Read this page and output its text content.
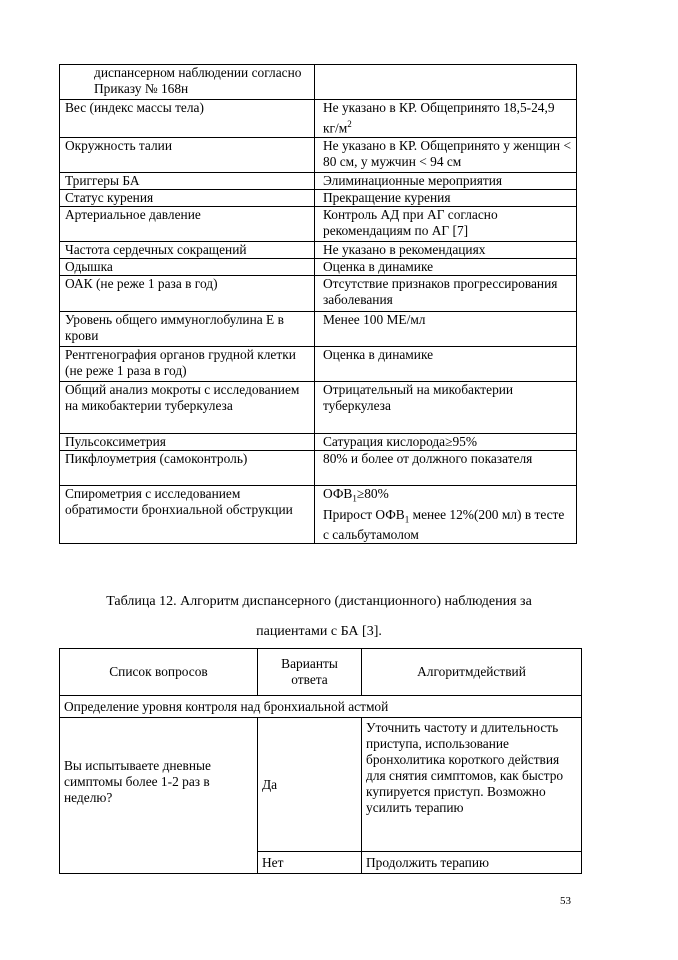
диспансерном наблюдении согласно Приказу № 168н	
Вес (индекс массы тела)	Не указано в КР. Общепринято 18,5-24,9 $кг/м^2$
Окружность талии	Не указано в КР. Общепринято у женщин < 80 см, у мужчин < 94 см
Триггеры БА	Элиминационные мероприятия
Статус курения	Прекращение курения
Артериальное давление	Контроль АД при АГ согласно рекомендациям по АГ [7]
Частота сердечных сокращений	Не указано в рекомендациях
Одышка	Оценка в динамике
ОАК (не реже 1 раза в год)	Отсутствие признаков прогрессирования заболевания
Уровень общего иммуноглобулина Е в крови	Менее 100 МЕ/мл
Рентгенография органов грудной клетки (не реже 1 раза в год)	Оценка в динамике
Общий анализ мокроты с исследованием на микобактерии туберкулеза	Отрицательный на микобактерии туберкулеза
Пульсоксиметрия	Сатурация кислорода≥95%
Пикфлоуметрия (самоконтроль)	80% и более от должного показателя
Спирометрия с исследованием обратимости бронхиальной обструкции	$ОФВ_1\ge 80\%$
Прирост $ОФВ_1$ менее 12%(200 мл) в тесте с сальбутамолом
Таблица 12. Алгоритм диспансерного (дистанционного) наблюдения за
пациентами с БА [3].
Список вопросов	Варианты ответа	Алгоритмдействий
Определение уровня контроля над бронхиальной астмой		
Вы испытываете дневные симптомы более 1-2 раз в неделю?	Да	Уточнить частоту и длительность приступа, использование бронхолитика короткого действия для снятия симптомов, как быстро купируется приступ. Возможно усилить терапию
	Нет	Продолжить терапию
53
